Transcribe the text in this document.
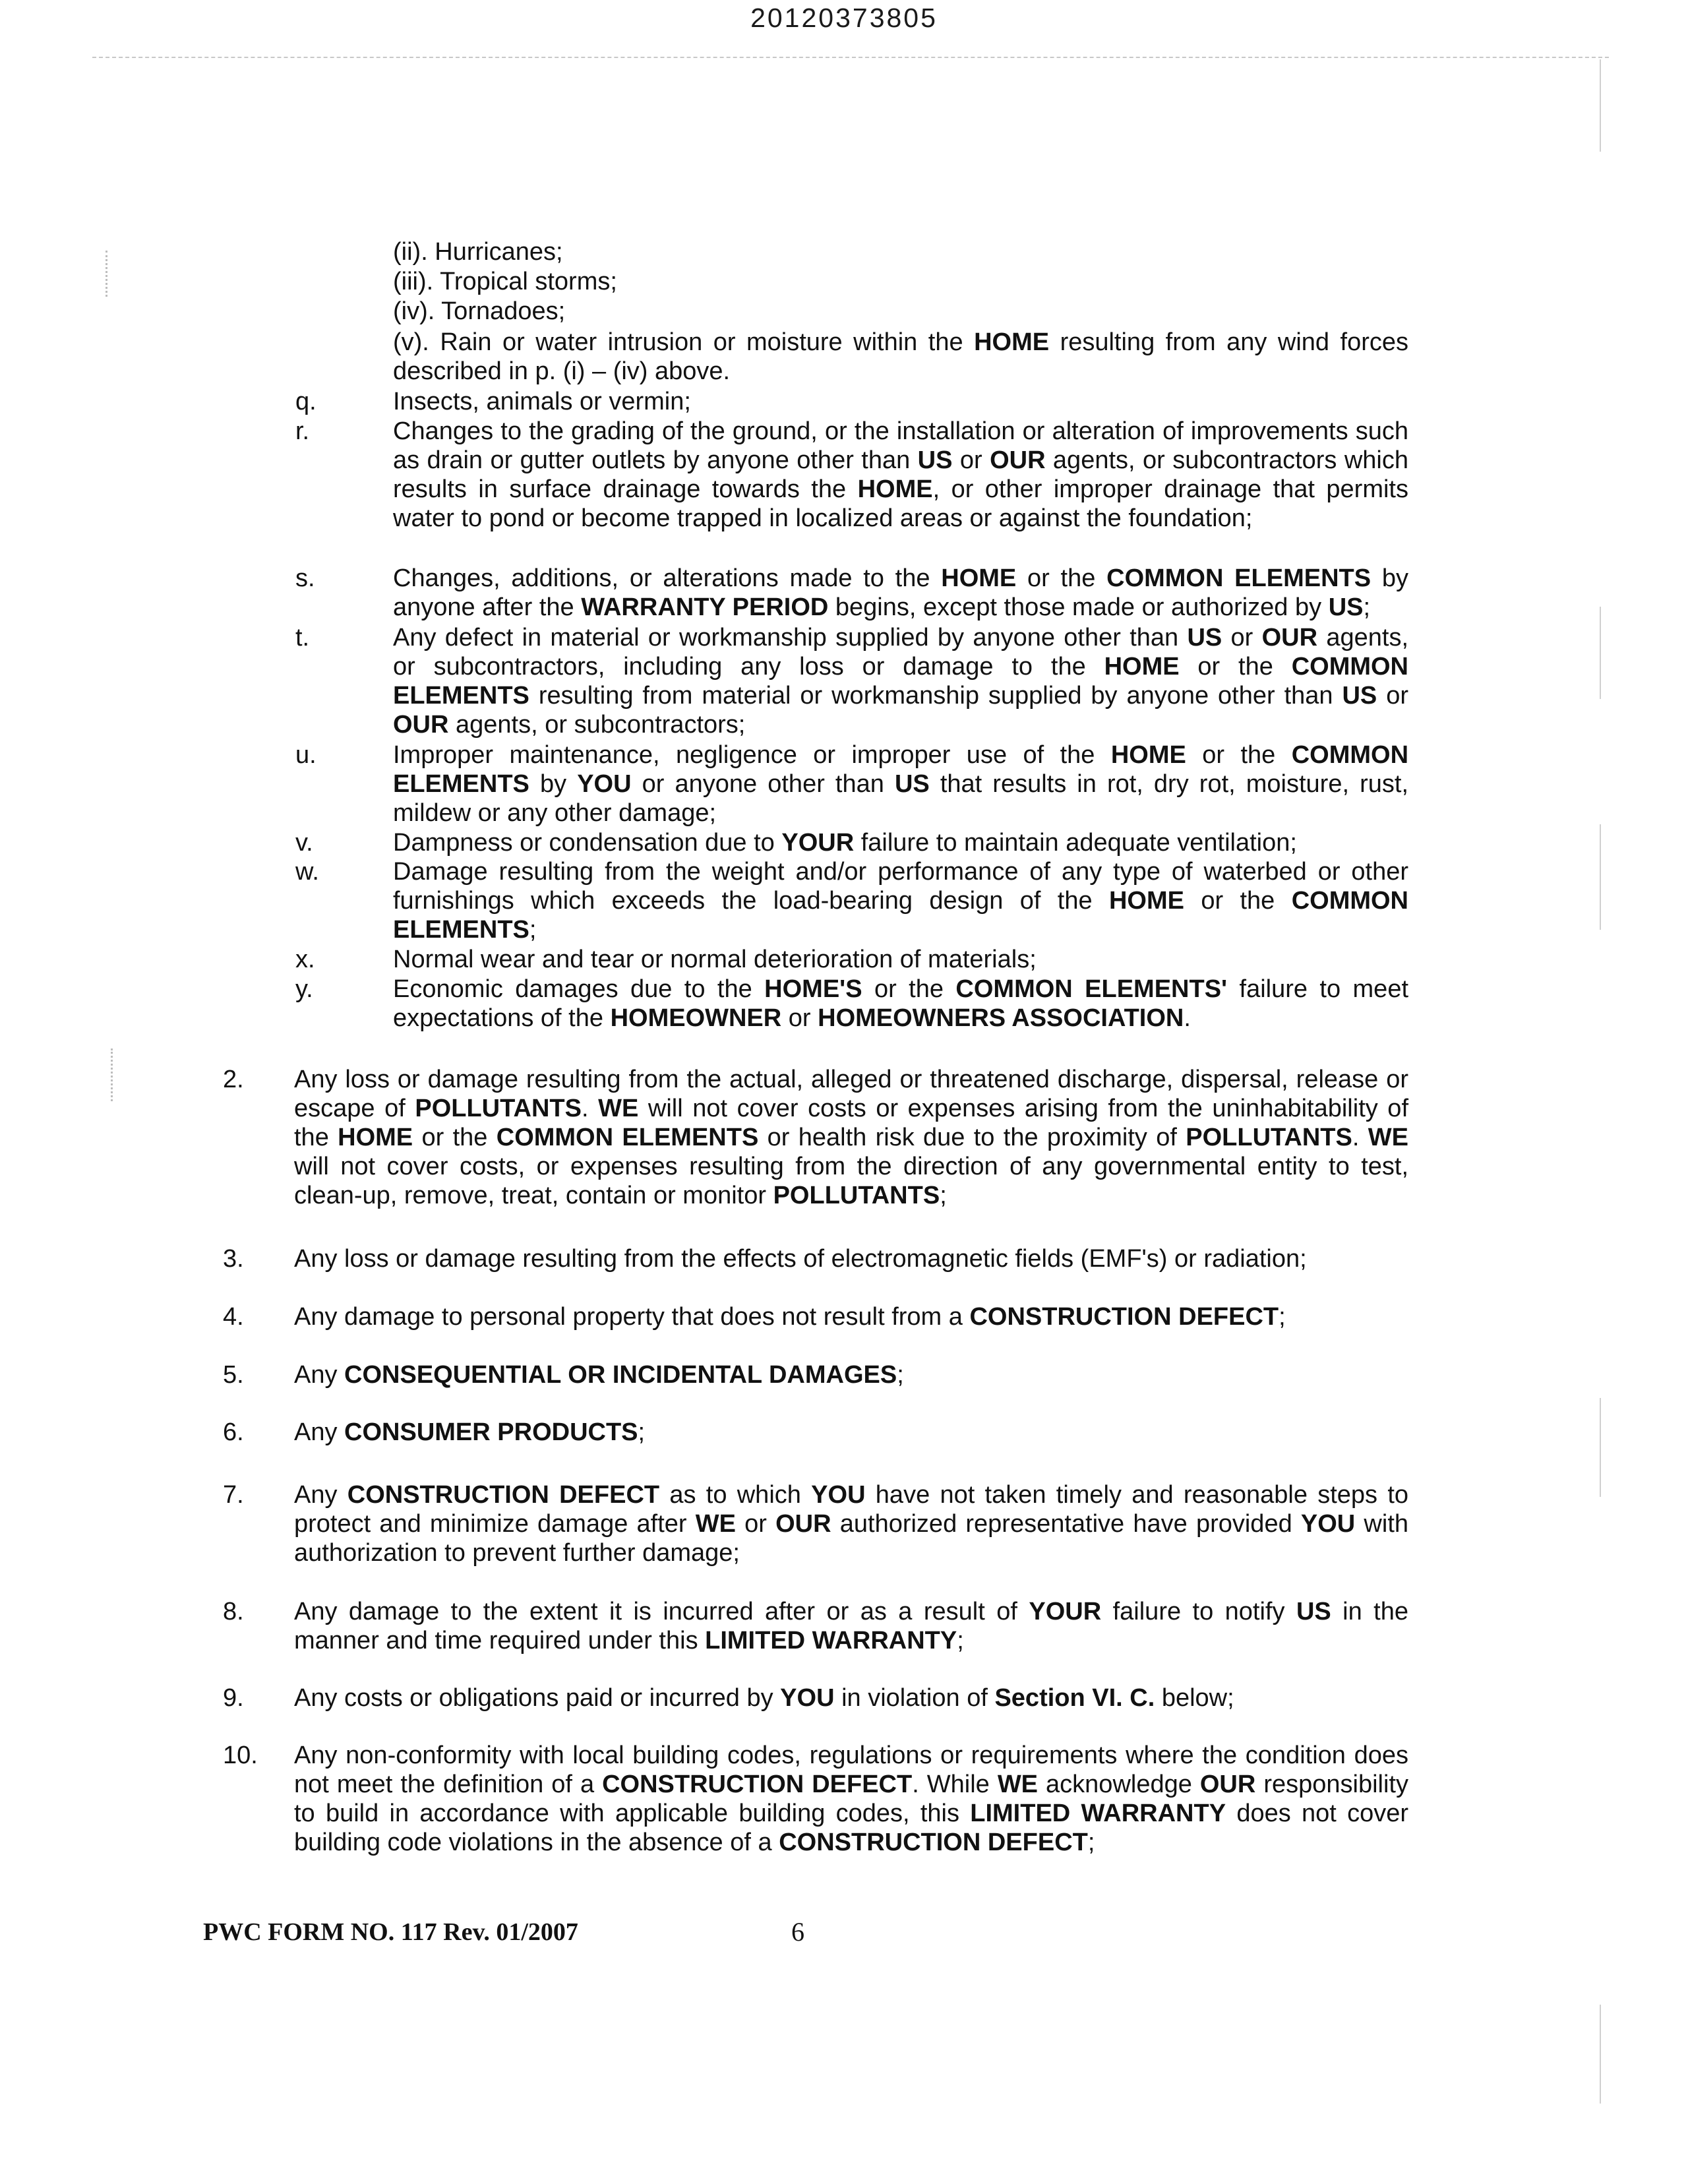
20120373805
(ii). Hurricanes;
(iii). Tropical storms;
(iv). Tornadoes;
(v). Rain or water intrusion or moisture within the HOME resulting from any wind forces described in p. (i) – (iv) above.
q.	Insects, animals or vermin;
r.	Changes to the grading of the ground, or the installation or alteration of improvements such as drain or gutter outlets by anyone other than US or OUR agents, or subcontractors which results in surface drainage towards the HOME, or other improper drainage that permits water to pond or become trapped in localized areas or against the foundation;
s.	Changes, additions, or alterations made to the HOME or the COMMON ELEMENTS by anyone after the WARRANTY PERIOD begins, except those made or authorized by US;
t.	Any defect in material or workmanship supplied by anyone other than US or OUR agents, or subcontractors, including any loss or damage to the HOME or the COMMON ELEMENTS resulting from material or workmanship supplied by anyone other than US or OUR agents, or subcontractors;
u.	Improper maintenance, negligence or improper use of the HOME or the COMMON ELEMENTS by YOU or anyone other than US that results in rot, dry rot, moisture, rust, mildew or any other damage;
v.	Dampness or condensation due to YOUR failure to maintain adequate ventilation;
w.	Damage resulting from the weight and/or performance of any type of waterbed or other furnishings which exceeds the load-bearing design of the HOME or the COMMON ELEMENTS;
x.	Normal wear and tear or normal deterioration of materials;
y.	Economic damages due to the HOME'S or the COMMON ELEMENTS' failure to meet expectations of the HOMEOWNER or HOMEOWNERS ASSOCIATION.
2. Any loss or damage resulting from the actual, alleged or threatened discharge, dispersal, release or escape of POLLUTANTS. WE will not cover costs or expenses arising from the uninhabitability of the HOME or the COMMON ELEMENTS or health risk due to the proximity of POLLUTANTS. WE will not cover costs, or expenses resulting from the direction of any governmental entity to test, clean-up, remove, treat, contain or monitor POLLUTANTS;
3. Any loss or damage resulting from the effects of electromagnetic fields (EMF's) or radiation;
4. Any damage to personal property that does not result from a CONSTRUCTION DEFECT;
5. Any CONSEQUENTIAL OR INCIDENTAL DAMAGES;
6. Any CONSUMER PRODUCTS;
7. Any CONSTRUCTION DEFECT as to which YOU have not taken timely and reasonable steps to protect and minimize damage after WE or OUR authorized representative have provided YOU with authorization to prevent further damage;
8. Any damage to the extent it is incurred after or as a result of YOUR failure to notify US in the manner and time required under this LIMITED WARRANTY;
9. Any costs or obligations paid or incurred by YOU in violation of Section VI. C. below;
10. Any non-conformity with local building codes, regulations or requirements where the condition does not meet the definition of a CONSTRUCTION DEFECT. While WE acknowledge OUR responsibility to build in accordance with applicable building codes, this LIMITED WARRANTY does not cover building code violations in the absence of a CONSTRUCTION DEFECT;
PWC FORM NO. 117 Rev. 01/2007	6
